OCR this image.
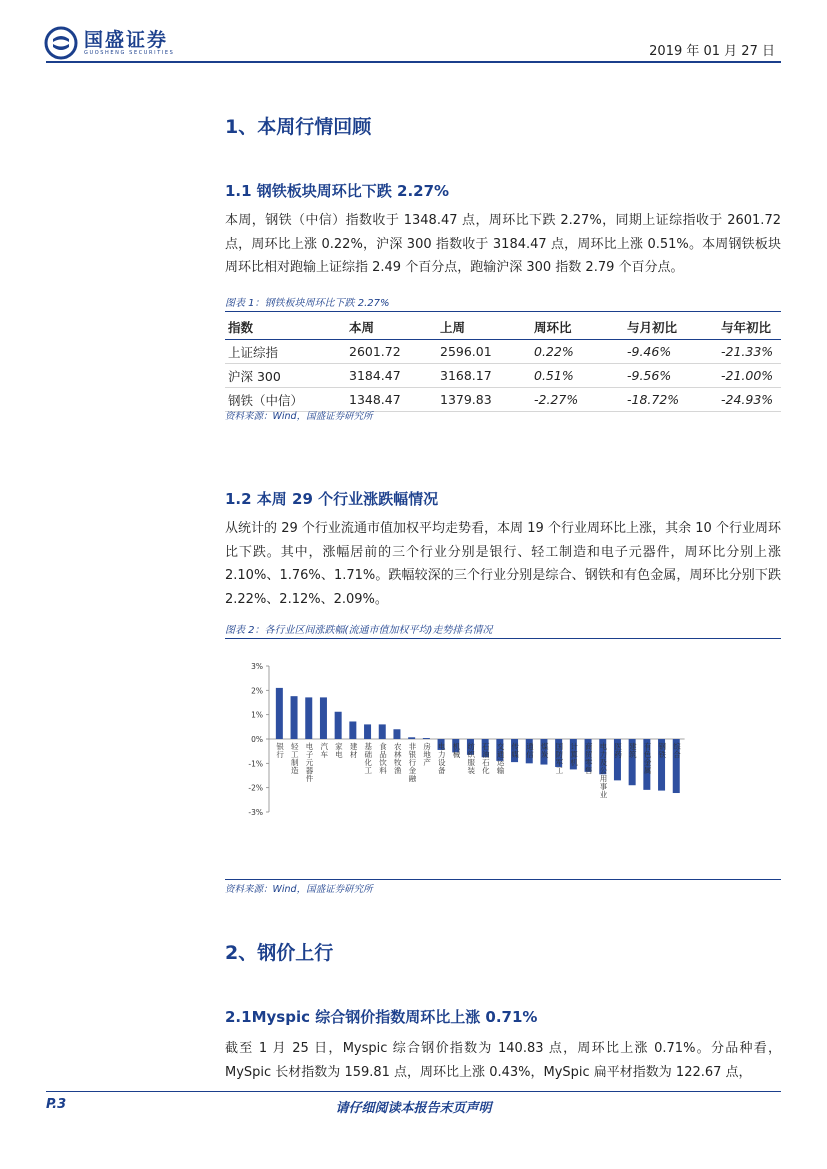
国盛证券
GUOSHENG SECURITIES	2019 年 01 月 27 日
1、本周行情回顾
1.1 钢铁板块周环比下跌 2.27%
本周，钢铁（中信）指数收于 1348.47 点，周环比下跌 2.27%，同期上证综指收于 2601.72 点，周环比上涨 0.22%，沪深 300 指数收于 3184.47 点，周环比上涨 0.51%。本周钢铁板块周环比相对跑输上证综指 2.49 个百分点，跑输沪深 300 指数 2.79 个百分点。
图表 1：钢铁板块周环比下跌 2.27%
指数	本周	上周	周环比	与月初比	与年初比
上证综指	2601.72	2596.01	0.22%	-9.46%	-21.33%
沪深 300	3184.47	3168.17	0.51%	-9.56%	-21.00%
钢铁（中信）	1348.47	1379.83	-2.27%	-18.72%	-24.93%
资料来源：Wind，国盛证券研究所
1.2 本周 29 个行业涨跌幅情况
从统计的 29 个行业流通市值加权平均走势看，本周 19 个行业周环比上涨，其余 10 个行业周环比下跌。其中，涨幅居前的三个行业分别是银行、轻工制造和电子元器件，周环比分别上涨 2.10%、1.76%、1.71%。跌幅较深的三个行业分别是综合、钢铁和有色金属，周环比分别下跌 2.22%、2.12%、2.09%。
图表 2：各行业区间涨跌幅(流通市值加权平均)走势排名情况
3%
2%
1%
0%
-1%
-2%
-3%
银行
轻工制造
电子元器件
汽车
家电
建材
基础化工
食品饮料
农林牧渔
非银行金融
房地产
电力设备
机械
纺织服装
石油石化
交通运输
传媒
通信
煤炭
国防军工
计算机
商贸零售
电力及公用事业
医药
建筑
有色金属
钢铁
综合
资料来源：Wind，国盛证券研究所
2、钢价上行
2.1Myspic 综合钢价指数周环比上涨 0.71%
截至 1 月 25 日，Myspic 综合钢价指数为 140.83 点，周环比上涨 0.71%。分品种看，MySpic 长材指数为 159.81 点，周环比上涨 0.43%，MySpic 扁平材指数为 122.67 点，
请仔细阅读本报告末页声明
P.3
